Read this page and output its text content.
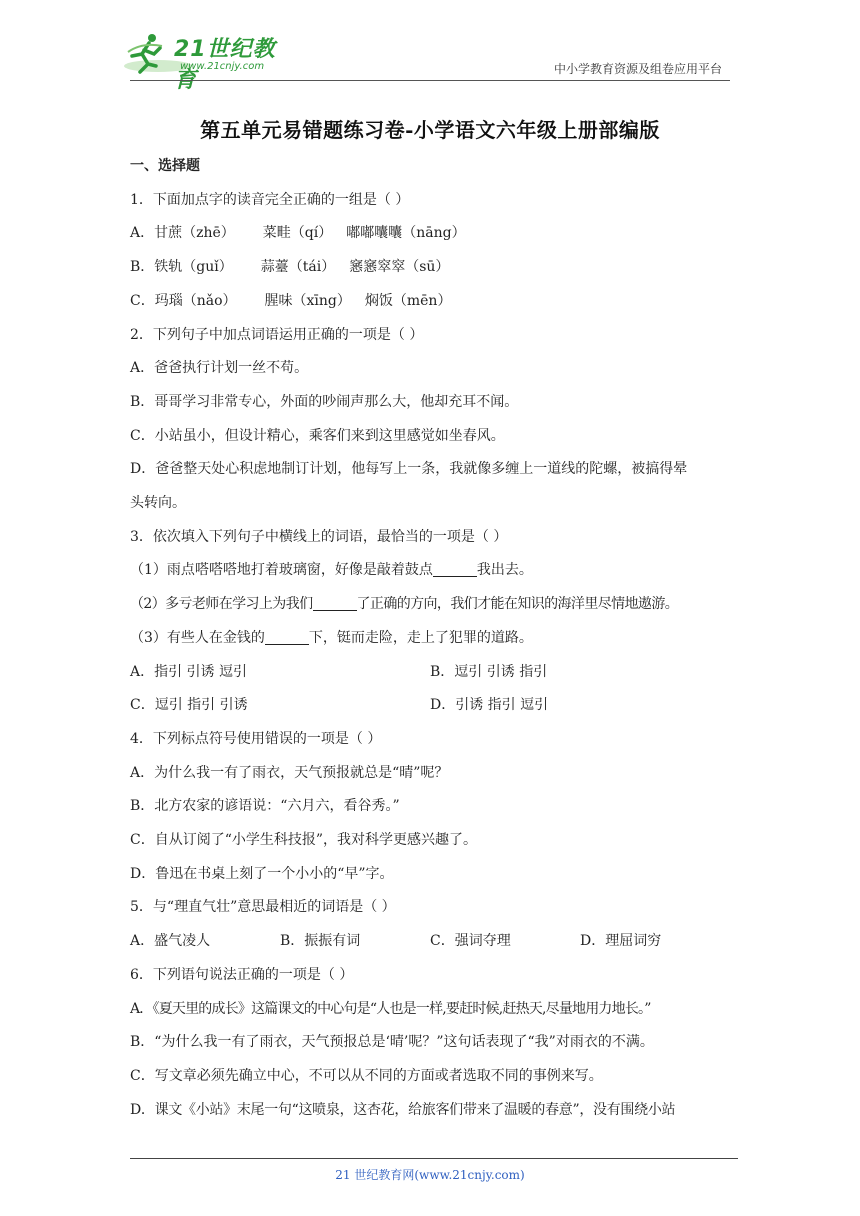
21世纪教育
www.21cnjy.com	中小学教育资源及组卷应用平台
第五单元易错题练习卷-小学语文六年级上册部编版
一、选择题
1．下面加点字的读音完全正确的一组是（ ）
A．甘蔗（zhē） 菜畦（qí） 嘟嘟囔囔（nāng）
B．铁轨（guǐ） 蒜薹（tái） 窸窸窣窣（sū）
C．玛瑙（nǎo） 腥味（xīng） 焖饭（mēn）
2．下列句子中加点词语运用正确的一项是（ ）
A．爸爸执行计划一丝不苟。
B．哥哥学习非常专心，外面的吵闹声那么大，他却充耳不闻。
C．小站虽小，但设计精心，乘客们来到这里感觉如坐春风。
D．爸爸整天处心积虑地制订计划，他每写上一条，我就像多缠上一道线的陀螺，被搞得晕
头转向。
3．依次填入下列句子中横线上的词语，最恰当的一项是（ ）
（1）雨点嗒嗒嗒地打着玻璃窗，好像是敲着鼓点	我出去。
（2）多亏老师在学习上为我们	了正确的方向，我们才能在知识的海洋里尽情地遨游。
（3）有些人在金钱的	下，铤而走险，走上了犯罪的道路。
A．指引 引诱 逗引	B．逗引 引诱 指引
C．逗引 指引 引诱	D．引诱 指引 逗引
4．下列标点符号使用错误的一项是（ ）
A．为什么我一有了雨衣，天气预报就总是“晴”呢？
B．北方农家的谚语说：“六月六，看谷秀。”
C．自从订阅了“小学生科技报”，我对科学更感兴趣了。
D．鲁迅在书桌上刻了一个小小的“早”字。
5．与“理直气壮”意思最相近的词语是（ ）
A．盛气凌人	B．振振有词	C．强词夺理	D．理屈词穷
6．下列语句说法正确的一项是（ ）
A．《夏天里的成长》这篇课文的中心句是“人也是一样,要赶时候,赶热天,尽量地用力地长。”
B．“为什么我一有了雨衣，天气预报总是‘晴’呢？”这句话表现了“我”对雨衣的不满。
C．写文章必须先确立中心，不可以从不同的方面或者选取不同的事例来写。
D．课文《小站》末尾一句“这喷泉，这杏花，给旅客们带来了温暖的春意”，没有围绕小站
21 世纪教育网(www.21cnjy.com)
